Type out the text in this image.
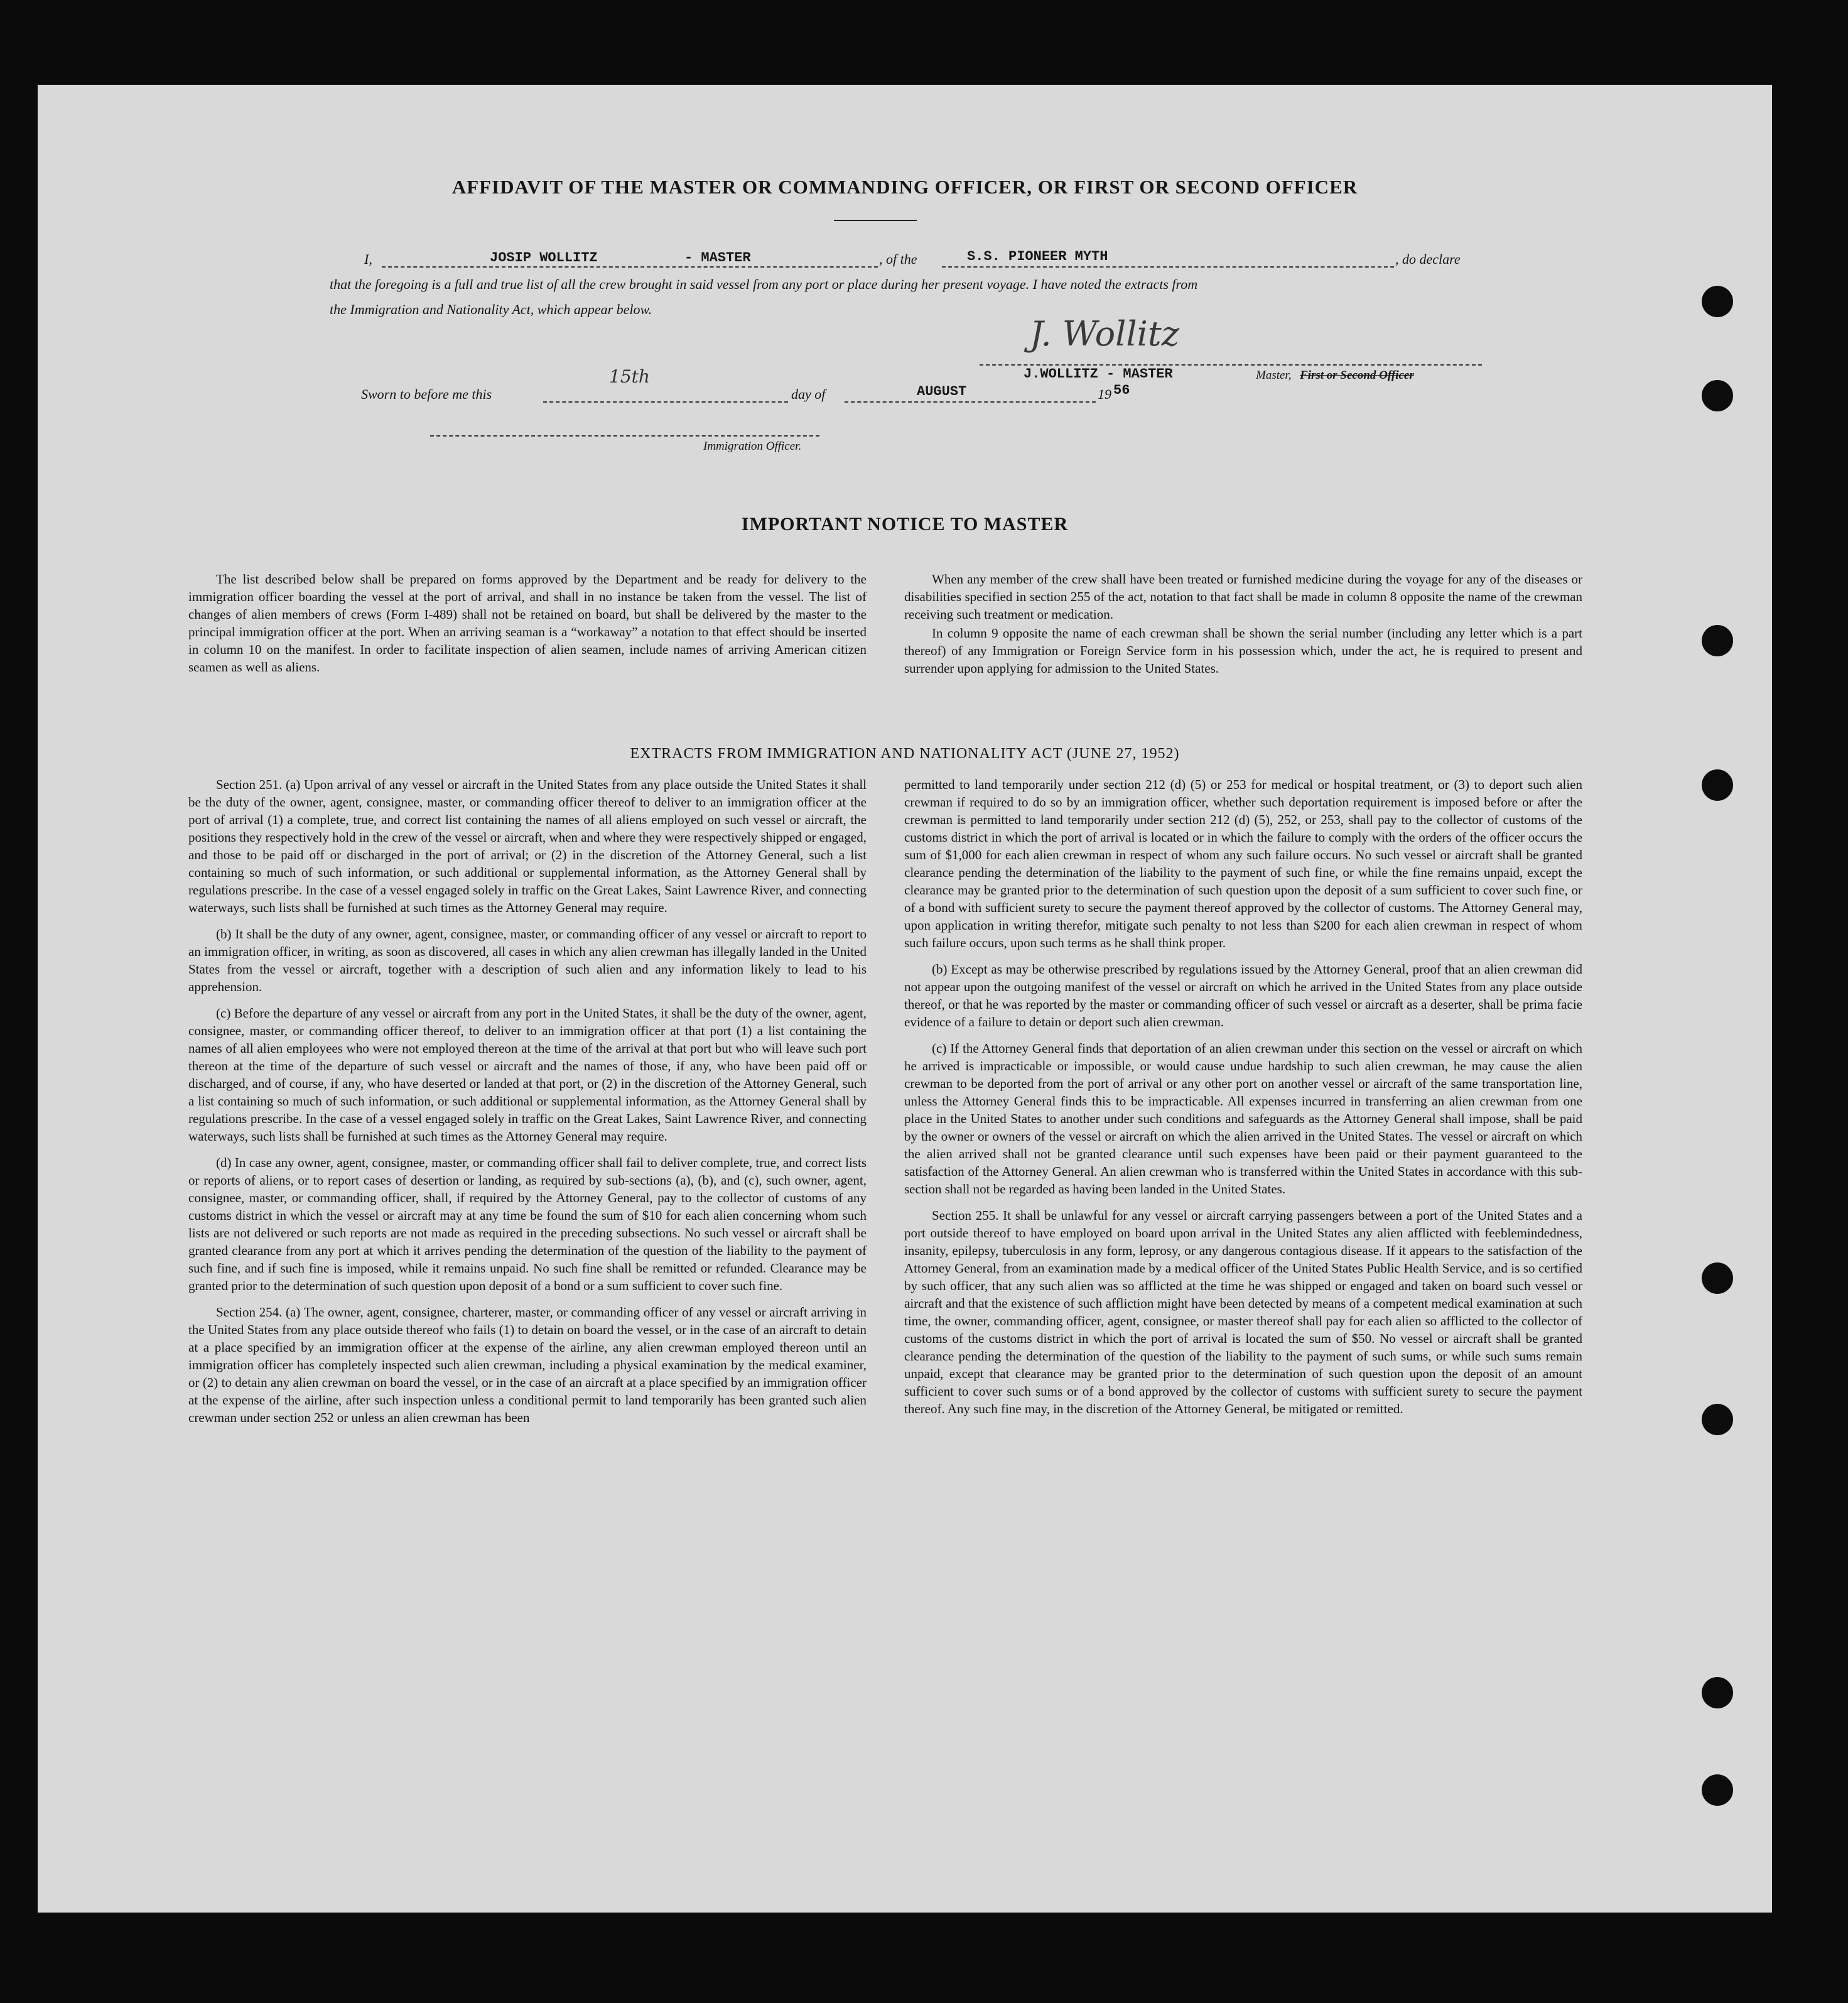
AFFIDAVIT OF THE MASTER OR COMMANDING OFFICER, OR FIRST OR SECOND OFFICER
I,	JOSIP WOLLITZ	- MASTER	, of the	S.S. PIONEER MYTH	, do declare
that the foregoing is a full and true list of all the crew brought in said vessel from any port or place during her present voyage. I have noted the extracts from
the Immigration and Nationality Act, which appear below.
J. Wollitz
J.WOLLITZ - MASTER	Master, First or Second Officer
Sworn to before me this
15th
day of	AUGUST	19 56
Immigration Officer.
IMPORTANT NOTICE TO MASTER

The list described below shall be prepared on forms approved by the Department and be ready for delivery to the immigration officer boarding the vessel at the port of arrival, and shall in no instance be taken from the vessel. The list of changes of alien members of crews (Form I-489) shall not be retained on board, but shall be delivered by the master to the principal immigration officer at the port. When an arriving seaman is a “workaway” a notation to that effect should be inserted in column 10 on the manifest. In order to facilitate inspection of alien seamen, include names of arriving American citizen seamen as well as aliens.

When any member of the crew shall have been treated or furnished medicine during the voyage for any of the diseases or disabilities specified in section 255 of the act, notation to that fact shall be made in column 8 opposite the name of the crewman receiving such treatment or medication.

In column 9 opposite the name of each crewman shall be shown the serial number (including any letter which is a part thereof) of any Immigration or Foreign Service form in his possession which, under the act, he is required to present and surrender upon applying for admission to the United States.

EXTRACTS FROM IMMIGRATION AND NATIONALITY ACT (JUNE 27, 1952)

Section 251. (a) Upon arrival of any vessel or aircraft in the United States from any place outside the United States it shall be the duty of the owner, agent, consignee, master, or commanding officer thereof to deliver to an immigration officer at the port of arrival (1) a complete, true, and correct list containing the names of all aliens employed on such vessel or aircraft, the positions they respectively hold in the crew of the vessel or aircraft, when and where they were respectively shipped or engaged, and those to be paid off or discharged in the port of arrival; or (2) in the discretion of the Attorney General, such a list containing so much of such information, or such additional or supplemental information, as the Attorney General shall by regulations prescribe. In the case of a vessel engaged solely in traffic on the Great Lakes, Saint Lawrence River, and connecting waterways, such lists shall be furnished at such times as the Attorney General may require.

(b) It shall be the duty of any owner, agent, consignee, master, or commanding officer of any vessel or aircraft to report to an immigration officer, in writing, as soon as discovered, all cases in which any alien crewman has illegally landed in the United States from the vessel or aircraft, together with a description of such alien and any information likely to lead to his apprehension.

(c) Before the departure of any vessel or aircraft from any port in the United States, it shall be the duty of the owner, agent, consignee, master, or commanding officer thereof, to deliver to an immigration officer at that port (1) a list containing the names of all alien employees who were not employed thereon at the time of the arrival at that port but who will leave such port thereon at the time of the departure of such vessel or aircraft and the names of those, if any, who have been paid off or discharged, and of course, if any, who have deserted or landed at that port, or (2) in the discretion of the Attorney General, such a list containing so much of such information, or such additional or supplemental information, as the Attorney General shall by regulations prescribe. In the case of a vessel engaged solely in traffic on the Great Lakes, Saint Lawrence River, and connecting waterways, such lists shall be furnished at such times as the Attorney General may require.

(d) In case any owner, agent, consignee, master, or commanding officer shall fail to deliver complete, true, and correct lists or reports of aliens, or to report cases of desertion or landing, as required by sub-sections (a), (b), and (c), such owner, agent, consignee, master, or commanding officer, shall, if required by the Attorney General, pay to the collector of customs of any customs district in which the vessel or aircraft may at any time be found the sum of $10 for each alien concerning whom such lists are not delivered or such reports are not made as required in the preceding subsections. No such vessel or aircraft shall be granted clearance from any port at which it arrives pending the determination of the question of the liability to the payment of such fine, and if such fine is imposed, while it remains unpaid. No such fine shall be remitted or refunded. Clearance may be granted prior to the determination of such question upon deposit of a bond or a sum sufficient to cover such fine.

Section 254. (a) The owner, agent, consignee, charterer, master, or commanding officer of any vessel or aircraft arriving in the United States from any place outside thereof who fails (1) to detain on board the vessel, or in the case of an aircraft to detain at a place specified by an immigration officer at the expense of the airline, any alien crewman employed thereon until an immigration officer has completely inspected such alien crewman, including a physical examination by the medical examiner, or (2) to detain any alien crewman on board the vessel, or in the case of an aircraft at a place specified by an immigration officer at the expense of the airline, after such inspection unless a conditional permit to land temporarily has been granted such alien crewman under section 252 or unless an alien crewman has been

permitted to land temporarily under section 212 (d) (5) or 253 for medical or hospital treatment, or (3) to deport such alien crewman if required to do so by an immigration officer, whether such deportation requirement is imposed before or after the crewman is permitted to land temporarily under section 212 (d) (5), 252, or 253, shall pay to the collector of customs of the customs district in which the port of arrival is located or in which the failure to comply with the orders of the officer occurs the sum of $1,000 for each alien crewman in respect of whom any such failure occurs. No such vessel or aircraft shall be granted clearance pending the determination of the liability to the payment of such fine, or while the fine remains unpaid, except the clearance may be granted prior to the determination of such question upon the deposit of a sum sufficient to cover such fine, or of a bond with sufficient surety to secure the payment thereof approved by the collector of customs. The Attorney General may, upon application in writing therefor, mitigate such penalty to not less than $200 for each alien crewman in respect of whom such failure occurs, upon such terms as he shall think proper.

(b) Except as may be otherwise prescribed by regulations issued by the Attorney General, proof that an alien crewman did not appear upon the outgoing manifest of the vessel or aircraft on which he arrived in the United States from any place outside thereof, or that he was reported by the master or commanding officer of such vessel or aircraft as a deserter, shall be prima facie evidence of a failure to detain or deport such alien crewman.

(c) If the Attorney General finds that deportation of an alien crewman under this section on the vessel or aircraft on which he arrived is impracticable or impossible, or would cause undue hardship to such alien crewman, he may cause the alien crewman to be deported from the port of arrival or any other port on another vessel or aircraft of the same transportation line, unless the Attorney General finds this to be impracticable. All expenses incurred in transferring an alien crewman from one place in the United States to another under such conditions and safeguards as the Attorney General shall impose, shall be paid by the owner or owners of the vessel or aircraft on which the alien arrived in the United States. The vessel or aircraft on which the alien arrived shall not be granted clearance until such expenses have been paid or their payment guaranteed to the satisfaction of the Attorney General. An alien crewman who is transferred within the United States in accordance with this sub-section shall not be regarded as having been landed in the United States.

Section 255. It shall be unlawful for any vessel or aircraft carrying passengers between a port of the United States and a port outside thereof to have employed on board upon arrival in the United States any alien afflicted with feeblemindedness, insanity, epilepsy, tuberculosis in any form, leprosy, or any dangerous contagious disease. If it appears to the satisfaction of the Attorney General, from an examination made by a medical officer of the United States Public Health Service, and is so certified by such officer, that any such alien was so afflicted at the time he was shipped or engaged and taken on board such vessel or aircraft and that the existence of such affliction might have been detected by means of a competent medical examination at such time, the owner, commanding officer, agent, consignee, or master thereof shall pay for each alien so afflicted to the collector of customs of the customs district in which the port of arrival is located the sum of $50. No vessel or aircraft shall be granted clearance pending the determination of the question of the liability to the payment of such sums, or while such sums remain unpaid, except that clearance may be granted prior to the determination of such question upon the deposit of an amount sufficient to cover such sums or of a bond approved by the collector of customs with sufficient surety to secure the payment thereof. Any such fine may, in the discretion of the Attorney General, be mitigated or remitted.
